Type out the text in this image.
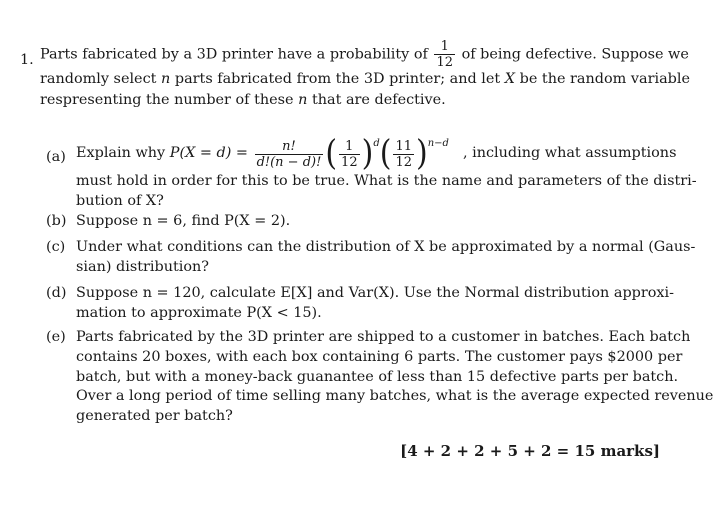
1. Parts fabricated by a 3D printer have a probability of $\frac{1}{12}$ of being defective. Suppose we
randomly select n parts fabricated from the 3D printer; and let X be the random variable
respresenting the number of these n that are defective.
(a) Explain why
P(X = d) =
$\frac{n!}{d!(n - d)!}$ ( $\frac{1}{12}$ ) d ( $\frac{11}{12}$ ) n−d
, including what assumptions
must hold in order for this to be true. What is the name and parameters of the distri-
bution of X?
(b) Suppose n = 6, find P(X = 2).
(c) Under what conditions can the distribution of X be approximated by a normal (Gaus-
sian) distribution?
(d) Suppose n = 120, calculate E[X] and Var(X). Use the Normal distribution approxi-
mation to approximate P(X < 15).
(e) Parts fabricated by the 3D printer are shipped to a customer in batches. Each batch
contains 20 boxes, with each box containing 6 parts. The customer pays $2000 per
batch, but with a money-back guanantee of less than 15 defective parts per batch.
Over a long period of time selling many batches, what is the average expected revenue
generated per batch?
[4 + 2 + 2 + 5 + 2 = 15 marks]
